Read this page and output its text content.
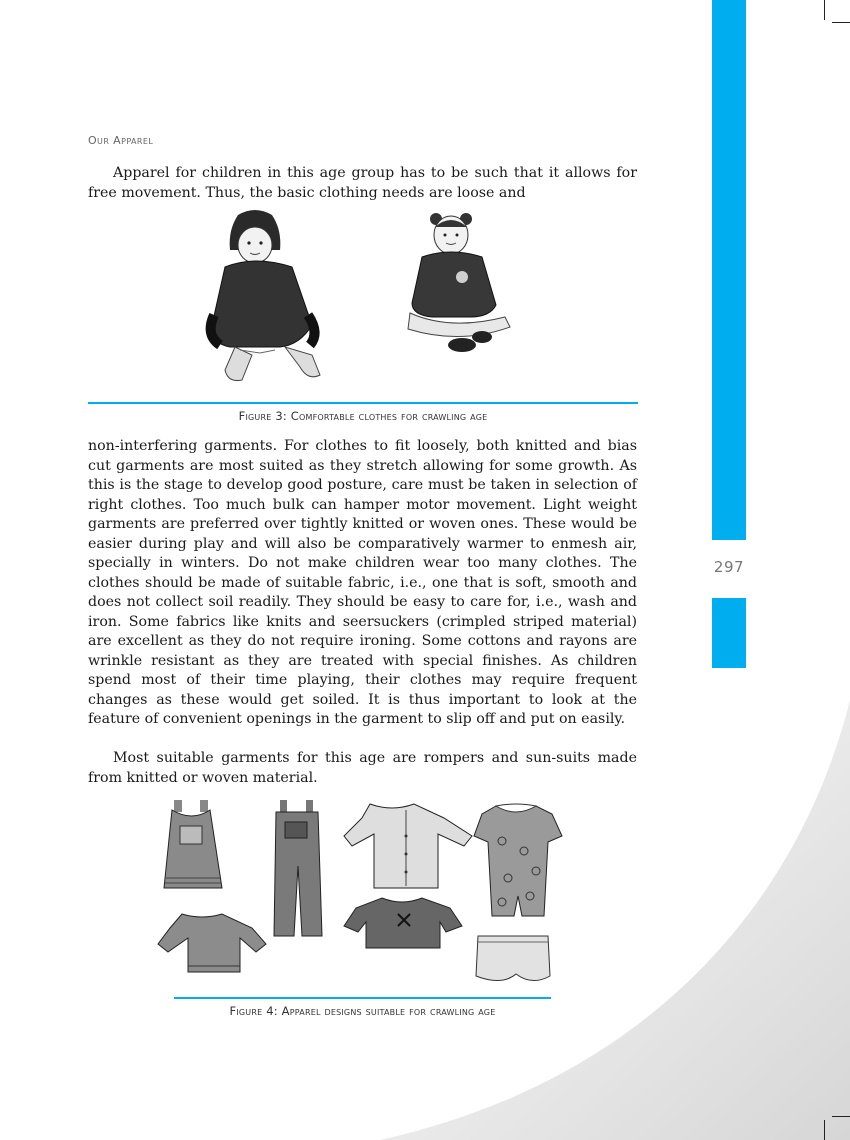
297
Our Apparel

Apparel for children in this age group has to be such that it allows for free movement. Thus, the basic clothing needs are loose and

Figure 3: Comfortable clothes for crawling age

non-interfering garments. For clothes to fit loosely, both knitted and bias cut garments are most suited as they stretch allowing for some growth. As this is the stage to develop good posture, care must be taken in selection of right clothes. Too much bulk can hamper motor movement. Light weight garments are preferred over tightly knitted or woven ones. These would be easier during play and will also be comparatively warmer to enmesh air, specially in winters. Do not make children wear too many clothes. The clothes should be made of suitable fabric, i.e., one that is soft, smooth and does not collect soil readily. They should be easy to care for, i.e., wash and iron. Some fabrics like knits and seersuckers (crimpled striped material) are excellent as they do not require ironing. Some cottons and rayons are wrinkle resistant as they are treated with special finishes. As children spend most of their time playing, their clothes may require frequent changes as these would get soiled. It is thus important to look at the feature of convenient openings in the garment to slip off and put on easily.

Most suitable garments for this age are rompers and sun-suits made from knitted or woven material.

Figure 4: Apparel designs suitable for crawling age
